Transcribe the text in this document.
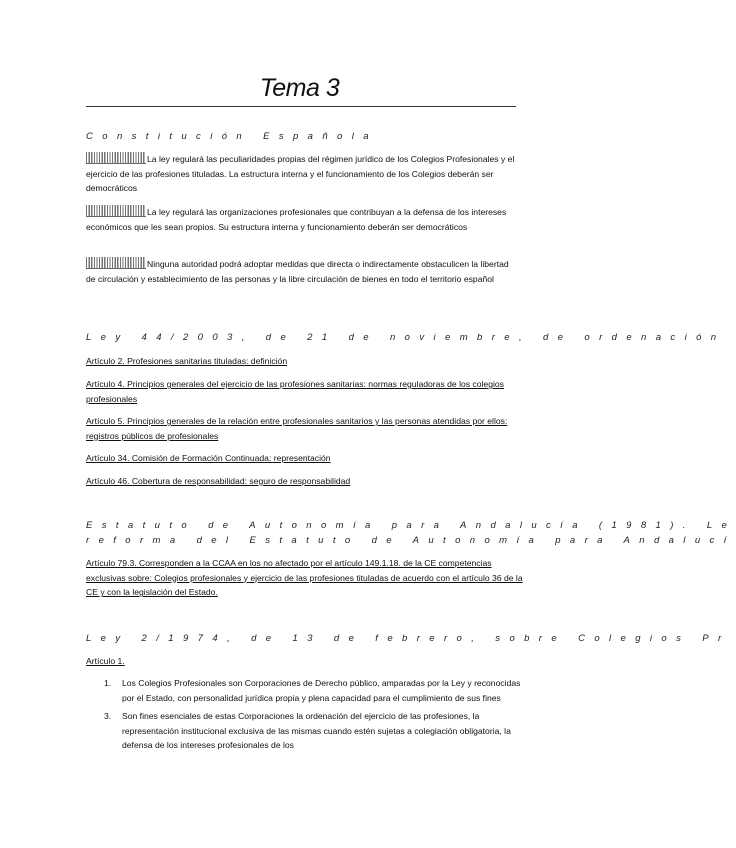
Tema 3
Constitución Española
La ley regulará las peculiaridades propias del régimen jurídico de los Colegios Profesionales y el ejercicio de las profesiones tituladas. La estructura interna y el funcionamiento de los Colegios deberán ser democráticos
La ley regulará las organizaciones profesionales que contribuyan a la defensa de los intereses económicos que les sean propios. Su estructura interna y funcionamiento deberán ser democráticos
Ninguna autoridad podrá adoptar medidas que directa o indirectamente obstaculicen la libertad de circulación y establecimiento de las personas y la libre circulación de bienes en todo el territorio español
Ley 44/2003, de 21 de noviembre, de ordenación
Artículo 2. Profesiones sanitarias tituladas: definición
Artículo 4. Principios generales del ejercicio de las profesiones sanitarias: normas reguladoras de los colegios profesionales
Artículo 5. Principios generales de la relación entre profesionales sanitarios y las personas atendidas por ellos: registros públicos de profesionales
Artículo 34. Comisión de Formación Continuada: representación
Artículo 46. Cobertura de responsabilidad: seguro de responsabilidad
Estatuto de Autonomía para Andalucía (1981). Le
reforma del Estatuto de Autonomía para Andalucí
Artículo 79.3. Corresponden a la CCAA en los no afectado por el artículo 149.1.18. de la CE competencias exclusivas sobre: Colegios profesionales y ejercicio de las profesiones tituladas de acuerdo con el artículo 36 de la CE y con la legislación del Estado.
Ley 2/1974, de 13 de febrero, sobre Colegios Pr
Artículo 1.
1. Los Colegios Profesionales son Corporaciones de Derecho público, amparadas por la Ley y reconocidas por el Estado, con personalidad jurídica propia y plena capacidad para el cumplimiento de sus fines
3. Son fines esenciales de estas Corporaciones la ordenación del ejercicio de las profesiones, la representación institucional exclusiva de las mismas cuando estén sujetas a colegiación obligatoria, la defensa de los intereses profesionales de los
